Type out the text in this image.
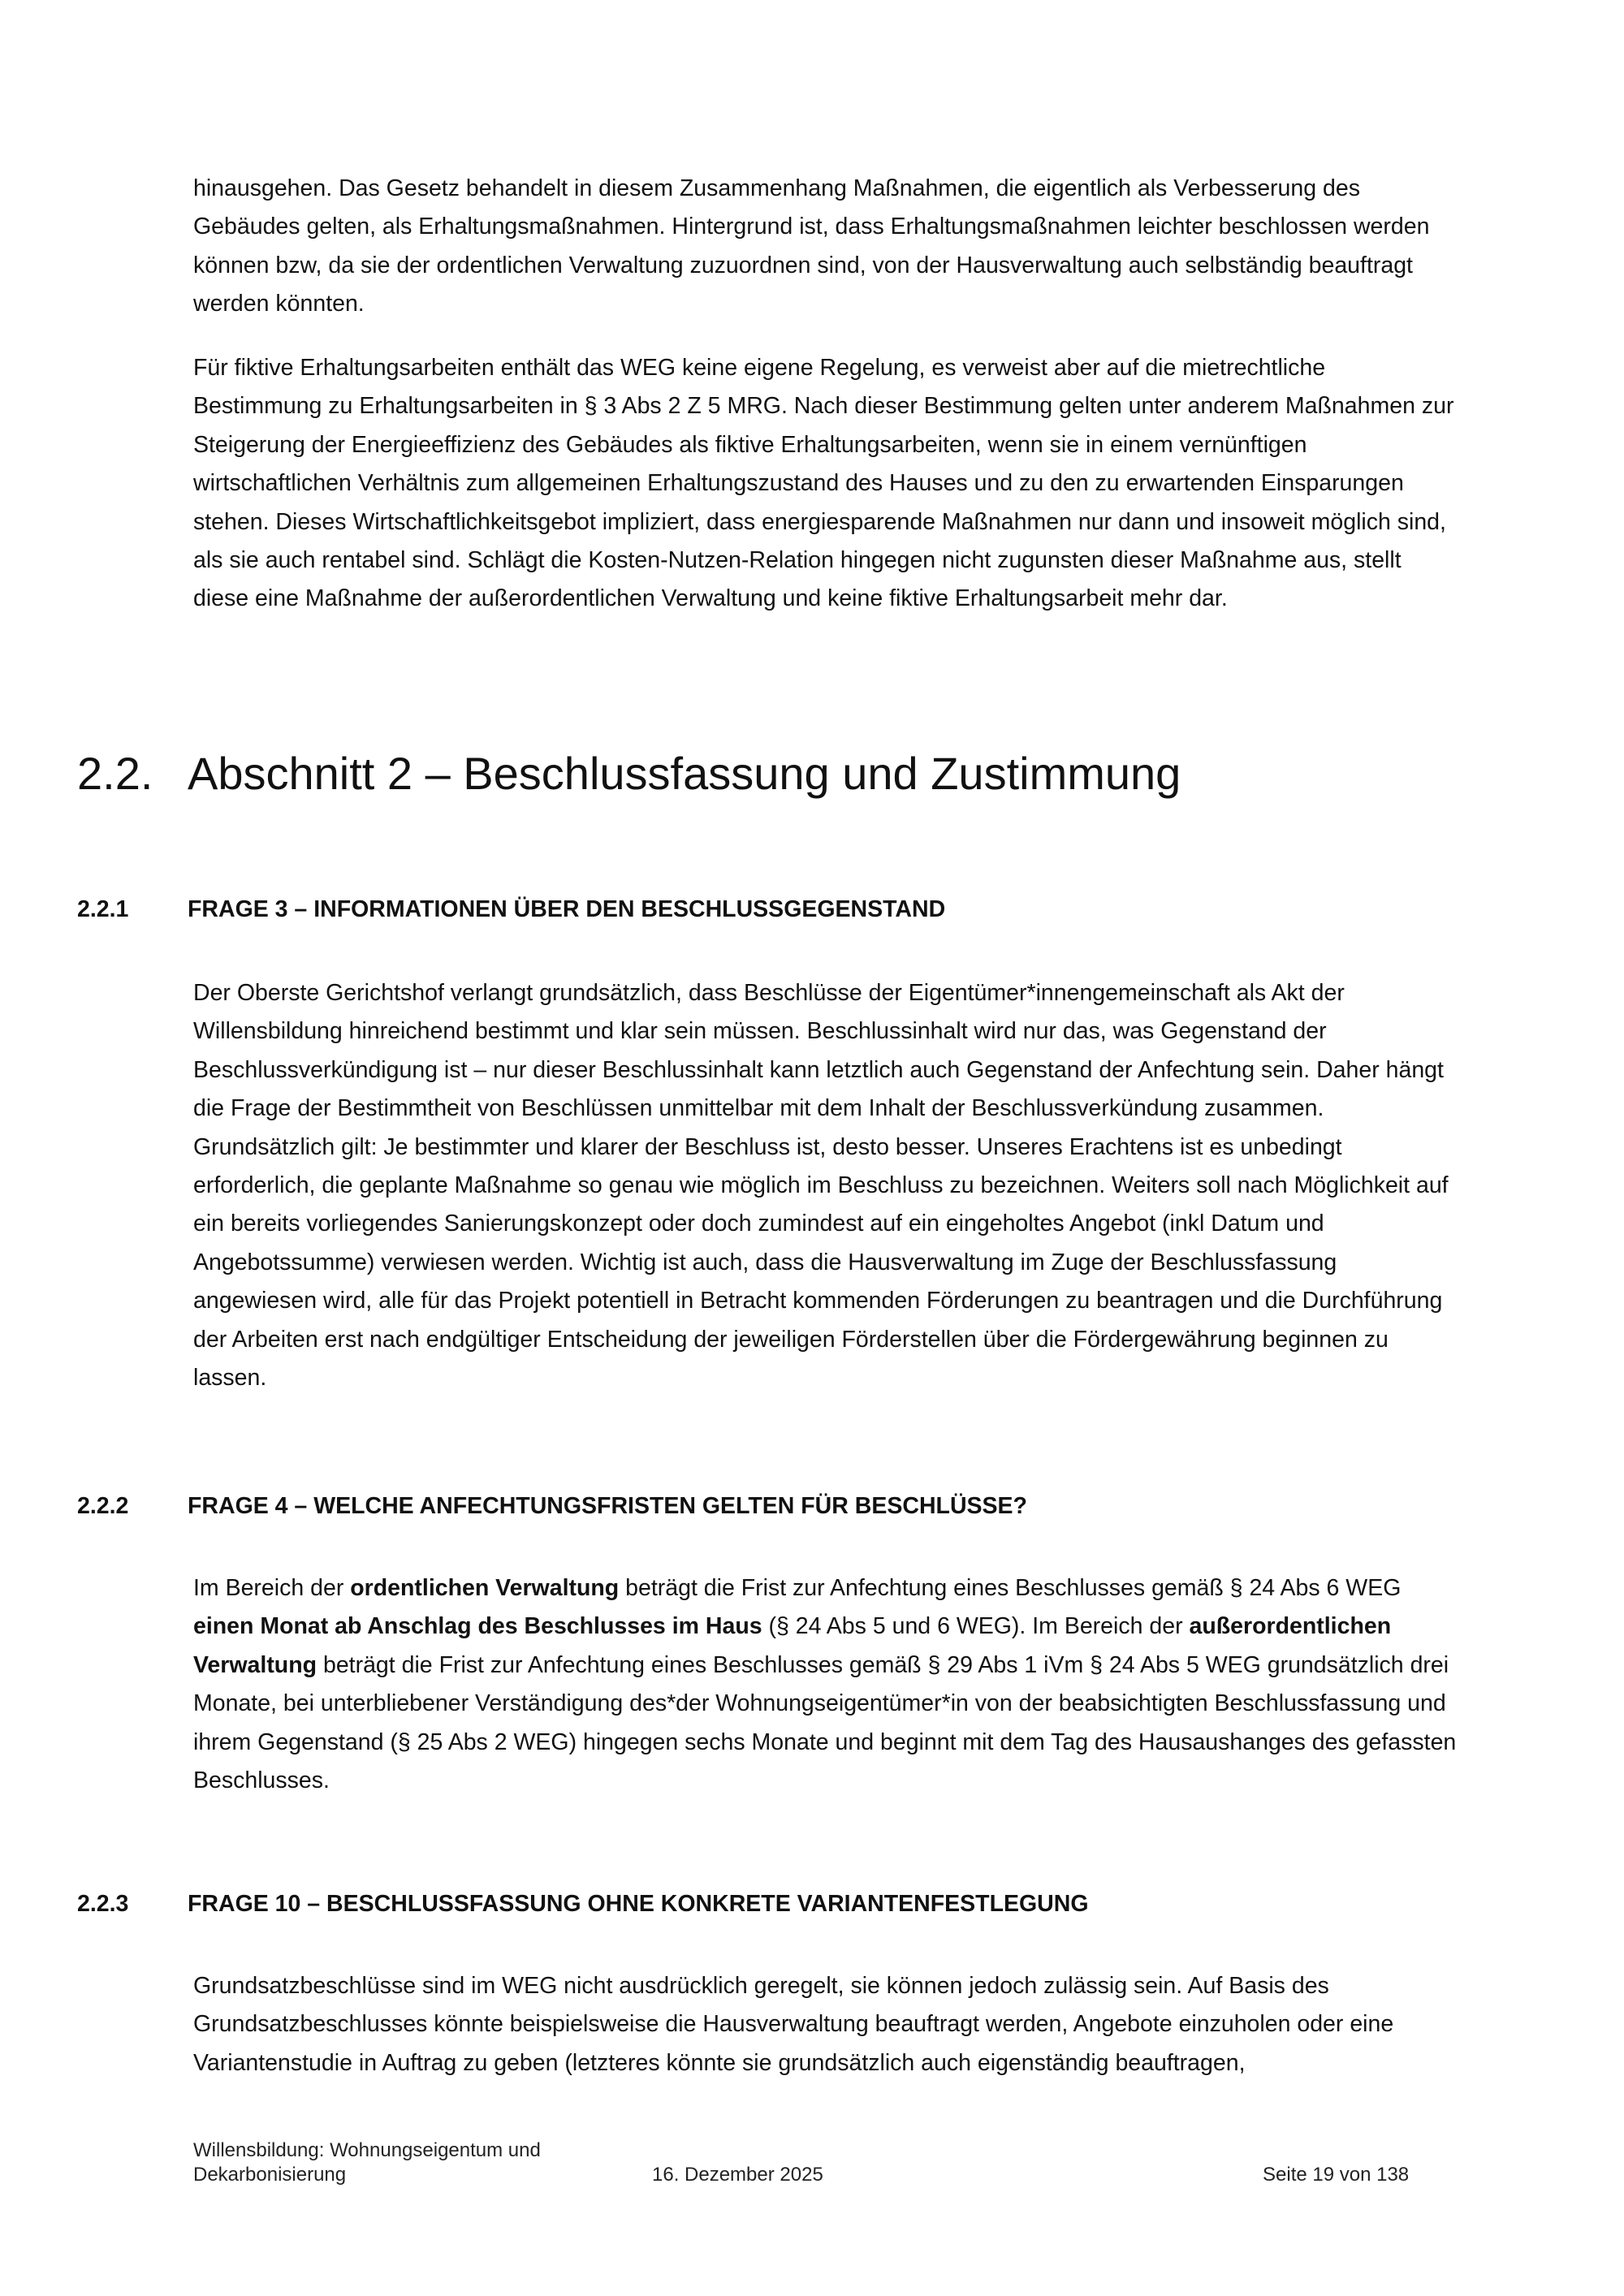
hinausgehen. Das Gesetz behandelt in diesem Zusammenhang Maßnahmen, die eigentlich als Verbesserung des Gebäudes gelten, als Erhaltungsmaßnahmen. Hintergrund ist, dass Erhaltungsmaßnahmen leichter beschlossen werden können bzw, da sie der ordentlichen Verwaltung zuzuordnen sind, von der Hausverwaltung auch selbständig beauftragt werden könnten.

Für fiktive Erhaltungsarbeiten enthält das WEG keine eigene Regelung, es verweist aber auf die mietrechtliche Bestimmung zu Erhaltungsarbeiten in § 3 Abs 2 Z 5 MRG. Nach dieser Bestimmung gelten unter anderem Maßnahmen zur Steigerung der Energieeffizienz des Gebäudes als fiktive Erhaltungsarbeiten, wenn sie in einem vernünftigen wirtschaftlichen Verhältnis zum allgemeinen Erhaltungszustand des Hauses und zu den zu erwartenden Einsparungen stehen. Dieses Wirtschaftlichkeitsgebot impliziert, dass energiesparende Maßnahmen nur dann und insoweit möglich sind, als sie auch rentabel sind. Schlägt die Kosten-Nutzen-Relation hingegen nicht zugunsten dieser Maßnahme aus, stellt diese eine Maßnahme der außerordentlichen Verwaltung und keine fiktive Erhaltungsarbeit mehr dar.

2.2. Abschnitt 2 – Beschlussfassung und Zustimmung
2.2.1	FRAGE 3 – INFORMATIONEN ÜBER DEN BESCHLUSSGEGENSTAND

Der Oberste Gerichtshof verlangt grundsätzlich, dass Beschlüsse der Eigentümer*innengemeinschaft als Akt der Willensbildung hinreichend bestimmt und klar sein müssen. Beschlussinhalt wird nur das, was Gegenstand der Beschlussverkündigung ist – nur dieser Beschlussinhalt kann letztlich auch Gegenstand der Anfechtung sein. Daher hängt die Frage der Bestimmtheit von Beschlüssen unmittelbar mit dem Inhalt der Beschlussverkündung zusammen. Grundsätzlich gilt: Je bestimmter und klarer der Beschluss ist, desto besser. Unseres Erachtens ist es unbedingt erforderlich, die geplante Maßnahme so genau wie möglich im Beschluss zu bezeichnen. Weiters soll nach Möglichkeit auf ein bereits vorliegendes Sanierungskonzept oder doch zumindest auf ein eingeholtes Angebot (inkl Datum und Angebotssumme) verwiesen werden. Wichtig ist auch, dass die Hausverwaltung im Zuge der Beschlussfassung angewiesen wird, alle für das Projekt potentiell in Betracht kommenden Förderungen zu beantragen und die Durchführung der Arbeiten erst nach endgültiger Entscheidung der jeweiligen Förderstellen über die Fördergewährung beginnen zu lassen.

2.2.2	FRAGE 4 – WELCHE ANFECHTUNGSFRISTEN GELTEN FÜR BESCHLÜSSE?

Im Bereich der ordentlichen Verwaltung beträgt die Frist zur Anfechtung eines Beschlusses gemäß § 24 Abs 6 WEG einen Monat ab Anschlag des Beschlusses im Haus (§ 24 Abs 5 und 6 WEG). Im Bereich der außerordentlichen Verwaltung beträgt die Frist zur Anfechtung eines Beschlusses gemäß § 29 Abs 1 iVm § 24 Abs 5 WEG grundsätzlich drei Monate, bei unterbliebener Verständigung des*der Wohnungseigentümer*in von der beabsichtigten Beschlussfassung und ihrem Gegenstand (§ 25 Abs 2 WEG) hingegen sechs Monate und beginnt mit dem Tag des Hausaushanges des gefassten Beschlusses.

2.2.3	FRAGE 10 – BESCHLUSSFASSUNG OHNE KONKRETE VARIANTENFESTLEGUNG

Grundsatzbeschlüsse sind im WEG nicht ausdrücklich geregelt, sie können jedoch zulässig sein. Auf Basis des Grundsatzbeschlusses könnte beispielsweise die Hausverwaltung beauftragt werden, Angebote einzuholen oder eine Variantenstudie in Auftrag zu geben (letzteres könnte sie grundsätzlich auch eigenständig beauftragen,

Willensbildung: Wohnungseigentum und
Dekarbonisierung	16. Dezember 2025	Seite 19 von 138
